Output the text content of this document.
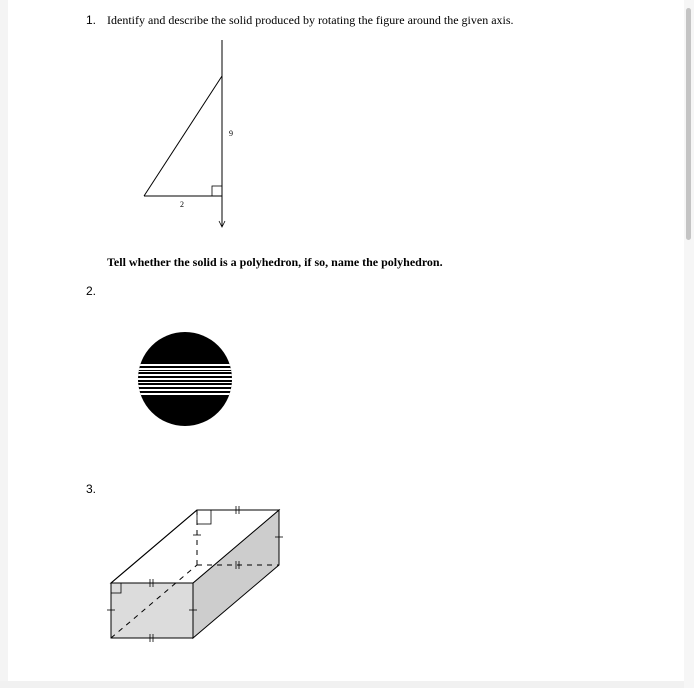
1. Identify and describe the solid produced by rotating the figure around the given axis.
9
2
Tell whether the solid is a polyhedron, if so, name the polyhedron.
2.
3.
